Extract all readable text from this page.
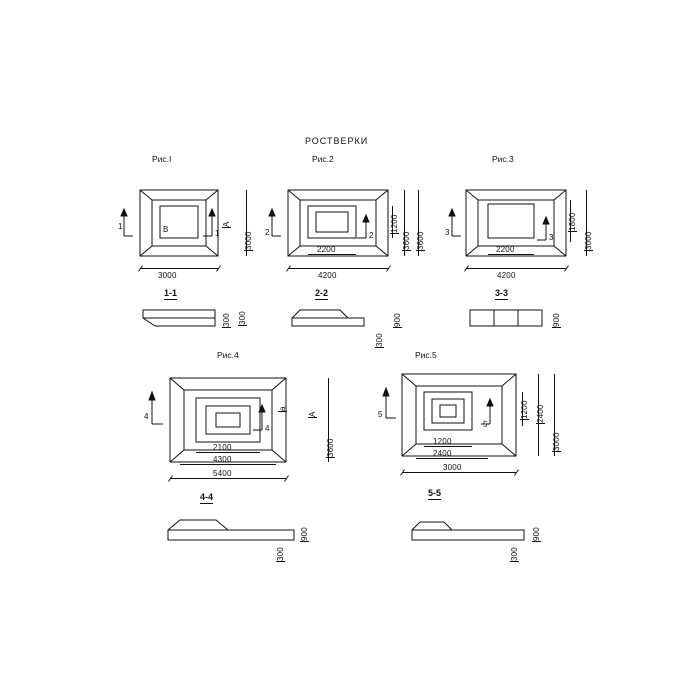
РОСТВЕРКИ
Рис.I
3000
3000
А
В
1
1
1-1
300 300
Рис.2
2200
4200
1200
3600 3600
2	2
2-2
900
300
Рис.3
2200
4200
1800
3000
3
3
3-3
900
Рис.4
2100
4300
5400
3600
А
а
4
4
4-4
900
300
Рис.5
1200
2400
3000
1200 2400
3000
5
5
5-5
900
300
